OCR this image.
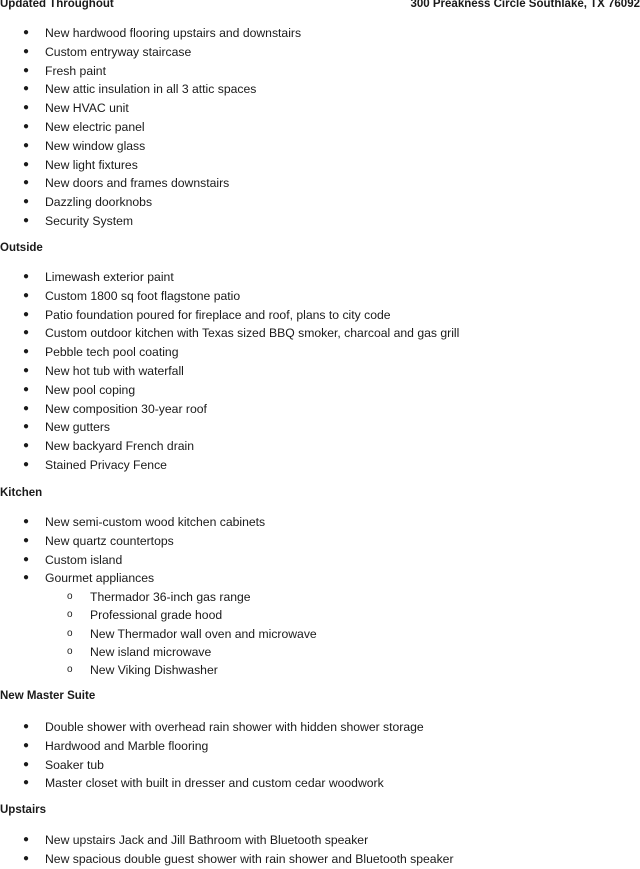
Updated Throughout	300 Preakness Circle Southlake, TX 76092
● New hardwood flooring upstairs and downstairs
● Custom entryway staircase
● Fresh paint
● New attic insulation in all 3 attic spaces
● New HVAC unit
● New electric panel
● New window glass
● New light fixtures
● New doors and frames downstairs
● Dazzling doorknobs
● Security System
Outside
● Limewash exterior paint
● Custom 1800 sq foot flagstone patio
● Patio foundation poured for fireplace and roof, plans to city code
● Custom outdoor kitchen with Texas sized BBQ smoker, charcoal and gas grill
● Pebble tech pool coating
● New hot tub with waterfall
● New pool coping
● New composition 30-year roof
● New gutters
● New backyard French drain
● Stained Privacy Fence
Kitchen
● New semi-custom wood kitchen cabinets
● New quartz countertops
● Custom island
● Gourmet appliances
o Thermador 36-inch gas range
o Professional grade hood
o New Thermador wall oven and microwave
o New island microwave
o New Viking Dishwasher
New Master Suite
● Double shower with overhead rain shower with hidden shower storage
● Hardwood and Marble flooring
● Soaker tub
● Master closet with built in dresser and custom cedar woodwork
Upstairs
● New upstairs Jack and Jill Bathroom with Bluetooth speaker
● New spacious double guest shower with rain shower and Bluetooth speaker
